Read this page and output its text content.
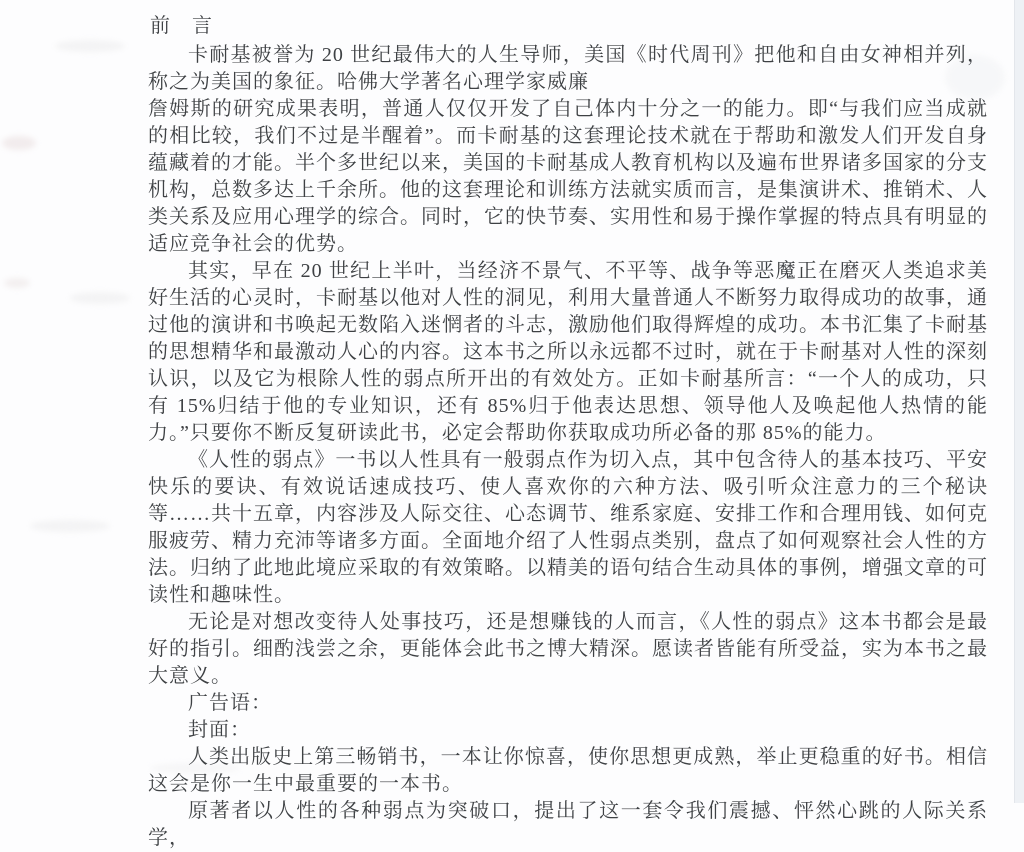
前　言
卡耐基被誉为 20 世纪最伟大的人生导师，美国《时代周刊》把他和自由女神相并列，称之为美国的象征。哈佛大学著名心理学家威廉
詹姆斯的研究成果表明，普通人仅仅开发了自己体内十分之一的能力。即“与我们应当成就的相比较，我们不过是半醒着”。而卡耐基的这套理论技术就在于帮助和激发人们开发自身蕴藏着的才能。半个多世纪以来，美国的卡耐基成人教育机构以及遍布世界诸多国家的分支机构，总数多达上千余所。他的这套理论和训练方法就实质而言，是集演讲术、推销术、人类关系及应用心理学的综合。同时，它的快节奏、实用性和易于操作掌握的特点具有明显的适应竞争社会的优势。
其实，早在 20 世纪上半叶，当经济不景气、不平等、战争等恶魔正在磨灭人类追求美好生活的心灵时，卡耐基以他对人性的洞见，利用大量普通人不断努力取得成功的故事，通过他的演讲和书唤起无数陷入迷惘者的斗志，激励他们取得辉煌的成功。本书汇集了卡耐基的思想精华和最激动人心的内容。这本书之所以永远都不过时，就在于卡耐基对人性的深刻认识，以及它为根除人性的弱点所开出的有效处方。正如卡耐基所言：“一个人的成功，只有 15%归结于他的专业知识，还有 85%归于他表达思想、领导他人及唤起他人热情的能力。”只要你不断反复研读此书，必定会帮助你获取成功所必备的那 85%的能力。
《人性的弱点》一书以人性具有一般弱点作为切入点，其中包含待人的基本技巧、平安快乐的要诀、有效说话速成技巧、使人喜欢你的六种方法、吸引听众注意力的三个秘诀等……共十五章，内容涉及人际交往、心态调节、维系家庭、安排工作和合理用钱、如何克服疲劳、精力充沛等诸多方面。全面地介绍了人性弱点类别，盘点了如何观察社会人性的方法。归纳了此地此境应采取的有效策略。以精美的语句结合生动具体的事例，增强文章的可读性和趣味性。
无论是对想改变待人处事技巧，还是想赚钱的人而言，《人性的弱点》这本书都会是最好的指引。细酌浅尝之余，更能体会此书之博大精深。愿读者皆能有所受益，实为本书之最大意义。
广告语：
封面：
人类出版史上第三畅销书，一本让你惊喜，使你思想更成熟，举止更稳重的好书。相信这会是你一生中最重要的一本书。
原著者以人性的各种弱点为突破口，提出了这一套令我们震撼、怦然心跳的人际关系学，
